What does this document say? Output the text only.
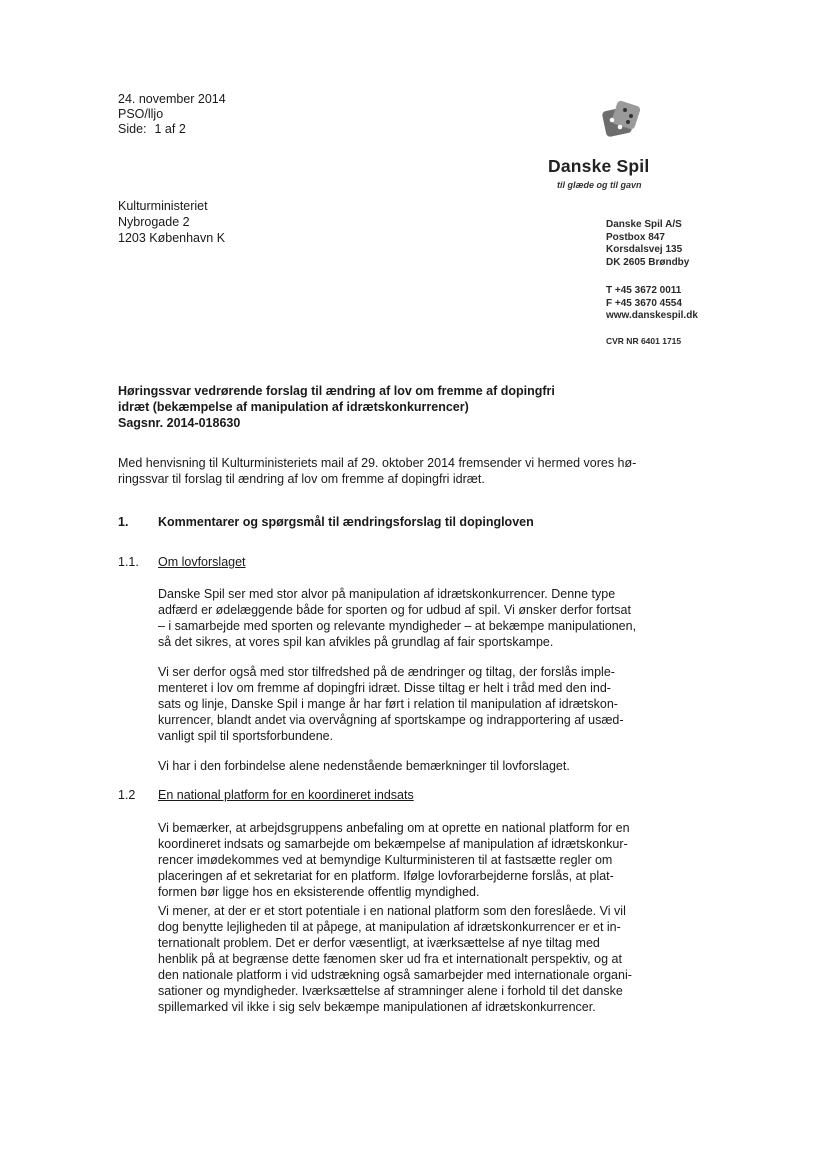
24. november 2014
PSO/lljo
Side: 1 af 2
Danske Spil
til glæde og til gavn
Kulturministeriet
Nybrogade 2
1203 København K
Danske Spil A/S
Postbox 847
Korsdalsvej 135
DK 2605 Brøndby
T +45 3672 0011
F +45 3670 4554
www.danskespil.dk
CVR NR 6401 1715
Høringssvar vedrørende forslag til ændring af lov om fremme af dopingfri
idræt (bekæmpelse af manipulation af idrætskonkurrencer)
Sagsnr. 2014-018630
Med henvisning til Kulturministeriets mail af 29. oktober 2014 fremsender vi hermed vores hø-
ringssvar til forslag til ændring af lov om fremme af dopingfri idræt.
1. Kommentarer og spørgsmål til ændringsforslag til dopingloven
1.1. Om lovforslaget
Danske Spil ser med stor alvor på manipulation af idrætskonkurrencer. Denne type
adfærd er ødelæggende både for sporten og for udbud af spil. Vi ønsker derfor fortsat
– i samarbejde med sporten og relevante myndigheder – at bekæmpe manipulationen,
så det sikres, at vores spil kan afvikles på grundlag af fair sportskampe.
Vi ser derfor også med stor tilfredshed på de ændringer og tiltag, der forslås imple-
menteret i lov om fremme af dopingfri idræt. Disse tiltag er helt i tråd med den ind-
sats og linje, Danske Spil i mange år har ført i relation til manipulation af idrætskon-
kurrencer, blandt andet via overvågning af sportskampe og indrapportering af usæd-
vanligt spil til sportsforbundene.
Vi har i den forbindelse alene nedenstående bemærkninger til lovforslaget.
1.2 En national platform for en koordineret indsats
Vi bemærker, at arbejdsgruppens anbefaling om at oprette en national platform for en
koordineret indsats og samarbejde om bekæmpelse af manipulation af idrætskonkur-
rencer imødekommes ved at bemyndige Kulturministeren til at fastsætte regler om
placeringen af et sekretariat for en platform. Ifølge lovforarbejderne forslås, at plat-
formen bør ligge hos en eksisterende offentlig myndighed.
Vi mener, at der er et stort potentiale i en national platform som den foreslåede. Vi vil
dog benytte lejligheden til at påpege, at manipulation af idrætskonkurrencer er et in-
ternationalt problem. Det er derfor væsentligt, at iværksættelse af nye tiltag med
henblik på at begrænse dette fænomen sker ud fra et internationalt perspektiv, og at
den nationale platform i vid udstrækning også samarbejder med internationale organi-
sationer og myndigheder. Iværksættelse af stramninger alene i forhold til det danske
spillemarked vil ikke i sig selv bekæmpe manipulationen af idrætskonkurrencer.
